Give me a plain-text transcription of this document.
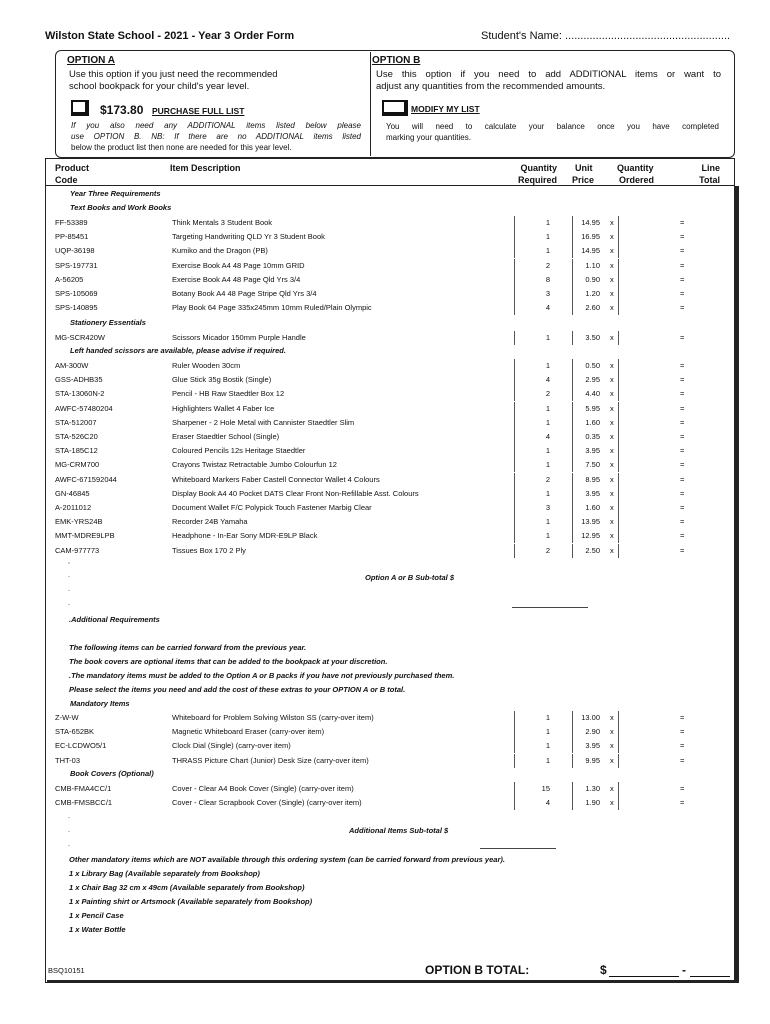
Wilston State School - 2021 - Year 3 Order Form	Student's Name: ......................................................
OPTION A
Use this option if you just need the recommended
school bookpack for your child's year level.
$173.80 PURCHASE FULL LIST
If you also need any ADDITIONAL items listed below please
use OPTION B. NB: If there are no ADDITIONAL items listed
below the product list then none are needed for this year level.
OPTION B
Use this option if you need to add ADDITIONAL items or want to
adjust any quantities from the recommended amounts.
MODIFY MY LIST
You will need to calculate your balance once you have completed
marking your quantities.
Product
Code
Item Description	Quantity
Required
Unit
Price
Quantity
Ordered
Line
Total
Year Three Requirements
Text Books and Work Books
FF-53389	Think Mentals 3 Student Book	1	14.95 x	=
PP-85451	Targeting Handwriting QLD Yr 3 Student Book	1	16.95 x	=
UQP-36198	Kumiko and the Dragon (PB)	1	14.95 x	=
SPS-197731	Exercise Book A4 48 Page 10mm GRID	2	1.10 x	=
A-56205	Exercise Book A4 48 Page Qld Yrs 3/4	8	0.90 x	=
SPS-105069	Botany Book A4 48 Page Stripe Qld Yrs 3/4	3	1.20 x	=
SPS-140895	Play Book 64 Page 335x245mm 10mm Ruled/Plain Olympic	4	2.60 x	=
Stationery Essentials
MG-SCR420W	Scissors Micador 150mm Purple Handle	1	3.50 x	=
Left handed scissors are available, please advise if required.
AM-300W	Ruler Wooden 30cm	1	0.50 x	=
GSS-ADHB35	Glue Stick 35g Bostik (Single)	4	2.95 x	=
STA-13060N-2	Pencil - HB Raw Staedtler Box 12	2	4.40 x	=
AWFC-57480204	Highlighters Wallet 4 Faber Ice	1	5.95 x	=
STA-512007	Sharpener - 2 Hole Metal with Cannister Staedtler Slim	1	1.60 x	=
STA-526C20	Eraser Staedtler School (Single)	4	0.35 x	=
STA-185C12	Coloured Pencils 12s Heritage Staedtler	1	3.95 x	=
MG-CRM700	Crayons Twistaz Retractable Jumbo Colourfun 12	1	7.50 x	=
AWFC-671592044	Whiteboard Markers Faber Castell Connector Wallet 4 Colours	2	8.95 x	=
GN-46845	Display Book A4 40 Pocket DATS Clear Front Non-Refillable Asst. Colours	1	3.95 x	=
A-2011012	Document Wallet F/C Polypick Touch Fastener Marbig Clear	3	1.60 x	=
EMK-YRS24B	Recorder 24B Yamaha	1	13.95 x	=
MMT-MDRE9LPB	Headphone - In-Ear Sony MDR-E9LP Black	1	12.95 x	=
CAM-977773	Tissues Box 170 2 Ply	2	2.50 x	=
,
.	Option A or B Sub-total $
.
.
.Additional Requirements
The following items can be carried forward from the previous year.
The book covers are optional items that can be added to the bookpack at your discretion.
.The mandatory items must be added to the Option A or B packs if you have not previously purchased them.
Please select the items you need and add the cost of these extras to your OPTION A or B total.
Mandatory Items
Z-W-W	Whiteboard for Problem Solving Wilston SS (carry-over item)	1	13.00 x	=
STA-652BK	Magnetic Whiteboard Eraser (carry-over item)	1	2.90 x	=
EC-LCDWO5/1	Clock Dial (Single) (carry-over item)	1	3.95 x	=
THT-03	THRASS Picture Chart (Junior) Desk Size (carry-over item)	1	9.95 x	=
Book Covers (Optional)
CMB-FMA4CC/1	Cover - Clear A4 Book Cover (Single) (carry-over item)	15	1.30 x	=
CMB-FMSBCC/1	Cover - Clear Scrapbook Cover (Single) (carry-over item)	4	1.90 x	=
.
.	Additional Items Sub-total $
.
Other mandatory items which are NOT available through this ordering system (can be carried forward from previous year).
1 x Library Bag (Available separately from Bookshop)
1 x Chair Bag 32 cm x 49cm (Available separately from Bookshop)
1 x Painting shirt or Artsmock (Available separately from Bookshop)
1 x Pencil Case
1 x Water Bottle
BSQ10151	OPTION B TOTAL:	$	-
